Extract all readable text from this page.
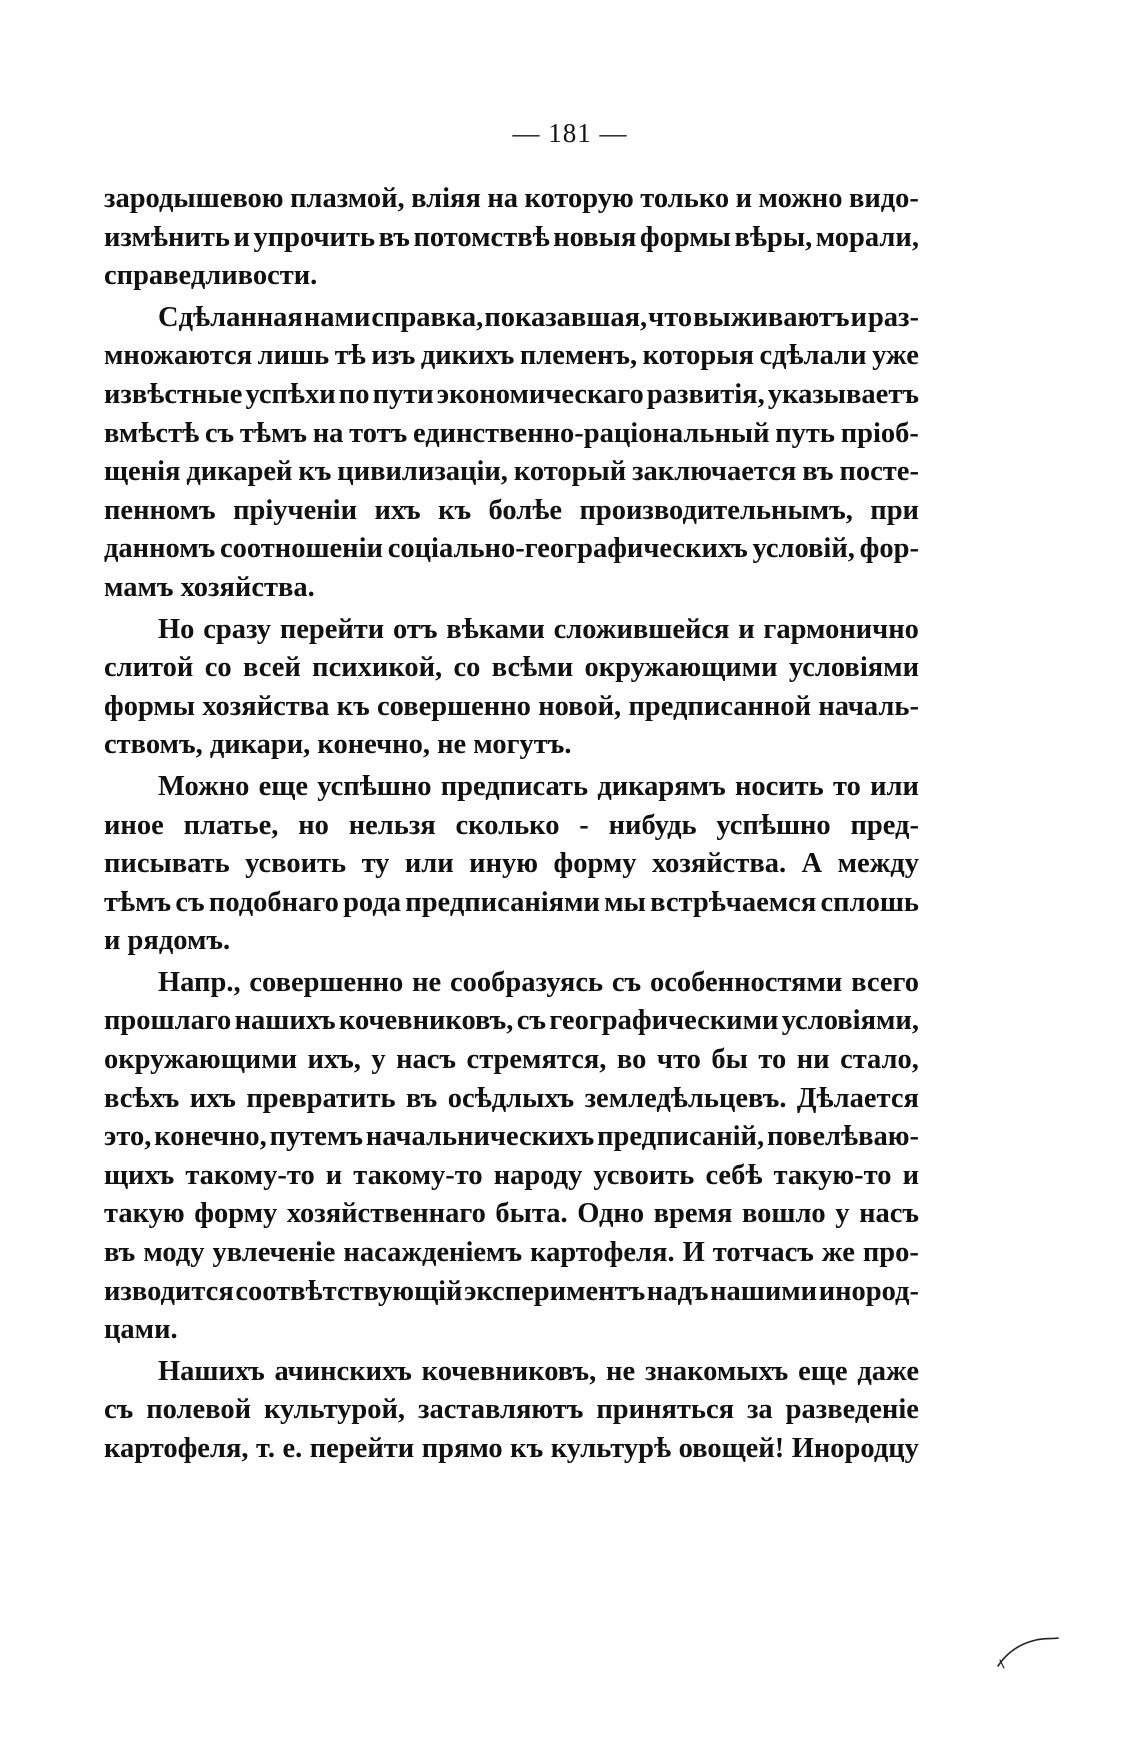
— 181 —

зародышевою плазмой, вліяя на которую только и можно видо-
измѣнить и упрочить въ потомствѣ новыя формы вѣры, морали,
справедливости.

Сдѣланная нами справка, показавшая, что выживаютъ и раз-
множаются лишь тѣ изъ дикихъ племенъ, которыя сдѣлали уже
извѣстные успѣхи по пути экономическаго развитія, указываетъ
вмѣстѣ съ тѣмъ на тотъ единственно-раціональный путь пріоб-
щенія дикарей къ цивилизаціи, который заключается въ посте-
пенномъ пріученіи ихъ къ болѣе производительнымъ, при
данномъ соотношеніи соціально-географическихъ условій, фор-
мамъ хозяйства.

Но сразу перейти отъ вѣками сложившейся и гармонично
слитой со всей психикой, со всѣми окружающими условіями
формы хозяйства къ совершенно новой, предписанной началь-
ствомъ, дикари, конечно, не могутъ.

Можно еще успѣшно предписать дикарямъ носить то или
иное платье, но нельзя сколько - нибудь успѣшно пред-
писывать усвоить ту или иную форму хозяйства. А между
тѣмъ съ подобнаго рода предписаніями мы встрѣчаемся сплошь
и рядомъ.

Напр., совершенно не сообразуясь съ особенностями всего
прошлаго нашихъ кочевниковъ, съ географическими условіями,
окружающими ихъ, у насъ стремятся, во что бы то ни стало,
всѣхъ ихъ превратить въ осѣдлыхъ земледѣльцевъ. Дѣлается
это, конечно, путемъ начальническихъ предписаній, повелѣваю-
щихъ такому-то и такому-то народу усвоить себѣ такую-то и
такую форму хозяйственнаго быта. Одно время вошло у насъ
въ моду увлеченіе насажденіемъ картофеля. И тотчасъ же про-
изводится соотвѣтствующій экспериментъ надъ нашими инород-
цами.

Нашихъ ачинскихъ кочевниковъ, не знакомыхъ еще даже
съ полевой культурой, заставляютъ приняться за разведеніе
картофеля, т. е. перейти прямо къ культурѣ овощей! Инородцу
